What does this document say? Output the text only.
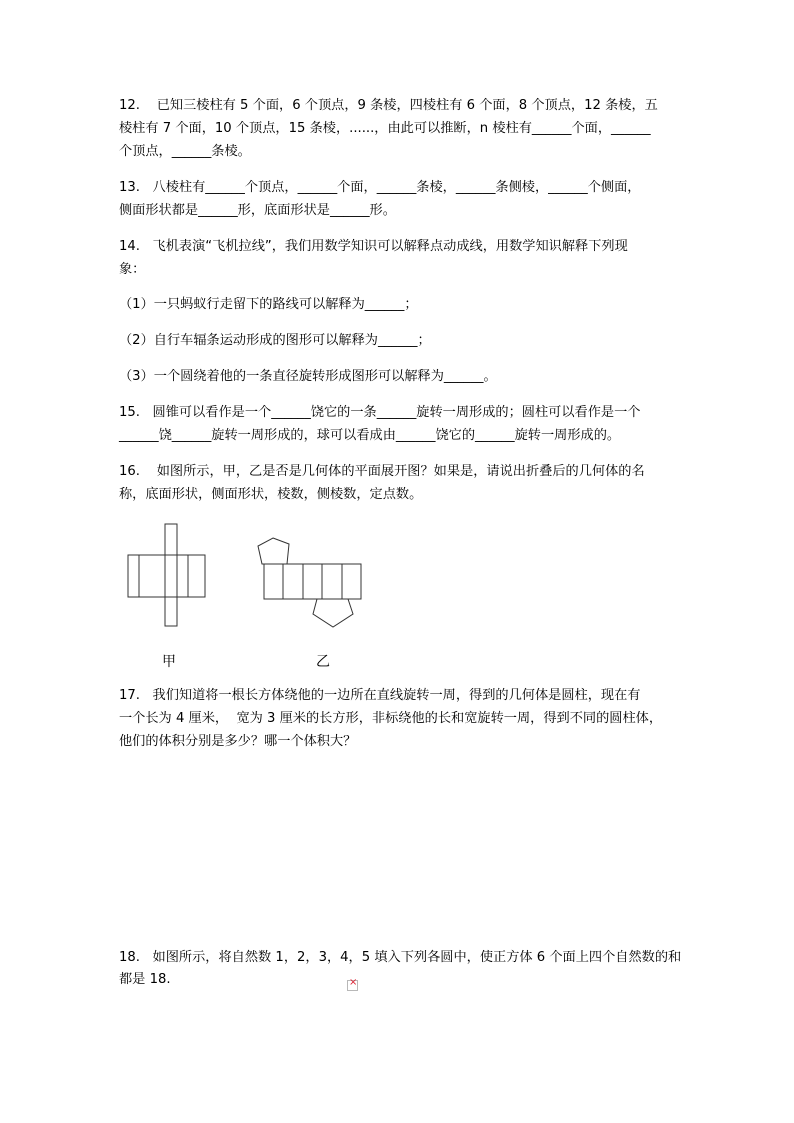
12.    已知三棱柱有 5 个面，6 个顶点，9 条棱，四棱柱有 6 个面，8 个顶点，12 条棱，五
棱柱有 7 个面，10 个顶点，15 条棱，......，由此可以推断，n 棱柱有______个面，______
个顶点，______条棱。
13.   八棱柱有______个顶点，______个面，______条棱，______条侧棱，______个侧面，
侧面形状都是______形，底面形状是______形。
14.   飞机表演“飞机拉线”，我们用数学知识可以解释点动成线，用数学知识解释下列现
象：
（1）一只蚂蚁行走留下的路线可以解释为______；
（2）自行车辐条运动形成的图形可以解释为______；
（3）一个圆绕着他的一条直径旋转形成图形可以解释为______。
15.   圆锥可以看作是一个______饶它的一条______旋转一周形成的；圆柱可以看作是一个
______饶______旋转一周形成的，球可以看成由______饶它的______旋转一周形成的。
16.    如图所示，甲，乙是否是几何体的平面展开图？如果是，请说出折叠后的几何体的名
称，底面形状，侧面形状，棱数，侧棱数，定点数。
甲	乙
17.   我们知道将一根长方体绕他的一边所在直线旋转一周，得到的几何体是圆柱，现在有
一个长为 4 厘米，  宽为 3 厘米的长方形，非标绕他的长和宽旋转一周，得到不同的圆柱体，
他们的体积分别是多少？哪一个体积大？
18.   如图所示，将自然数 1，2，3，4，5 填入下列各圆中，使正方体 6 个面上四个自然数的和
都是 18.
×
